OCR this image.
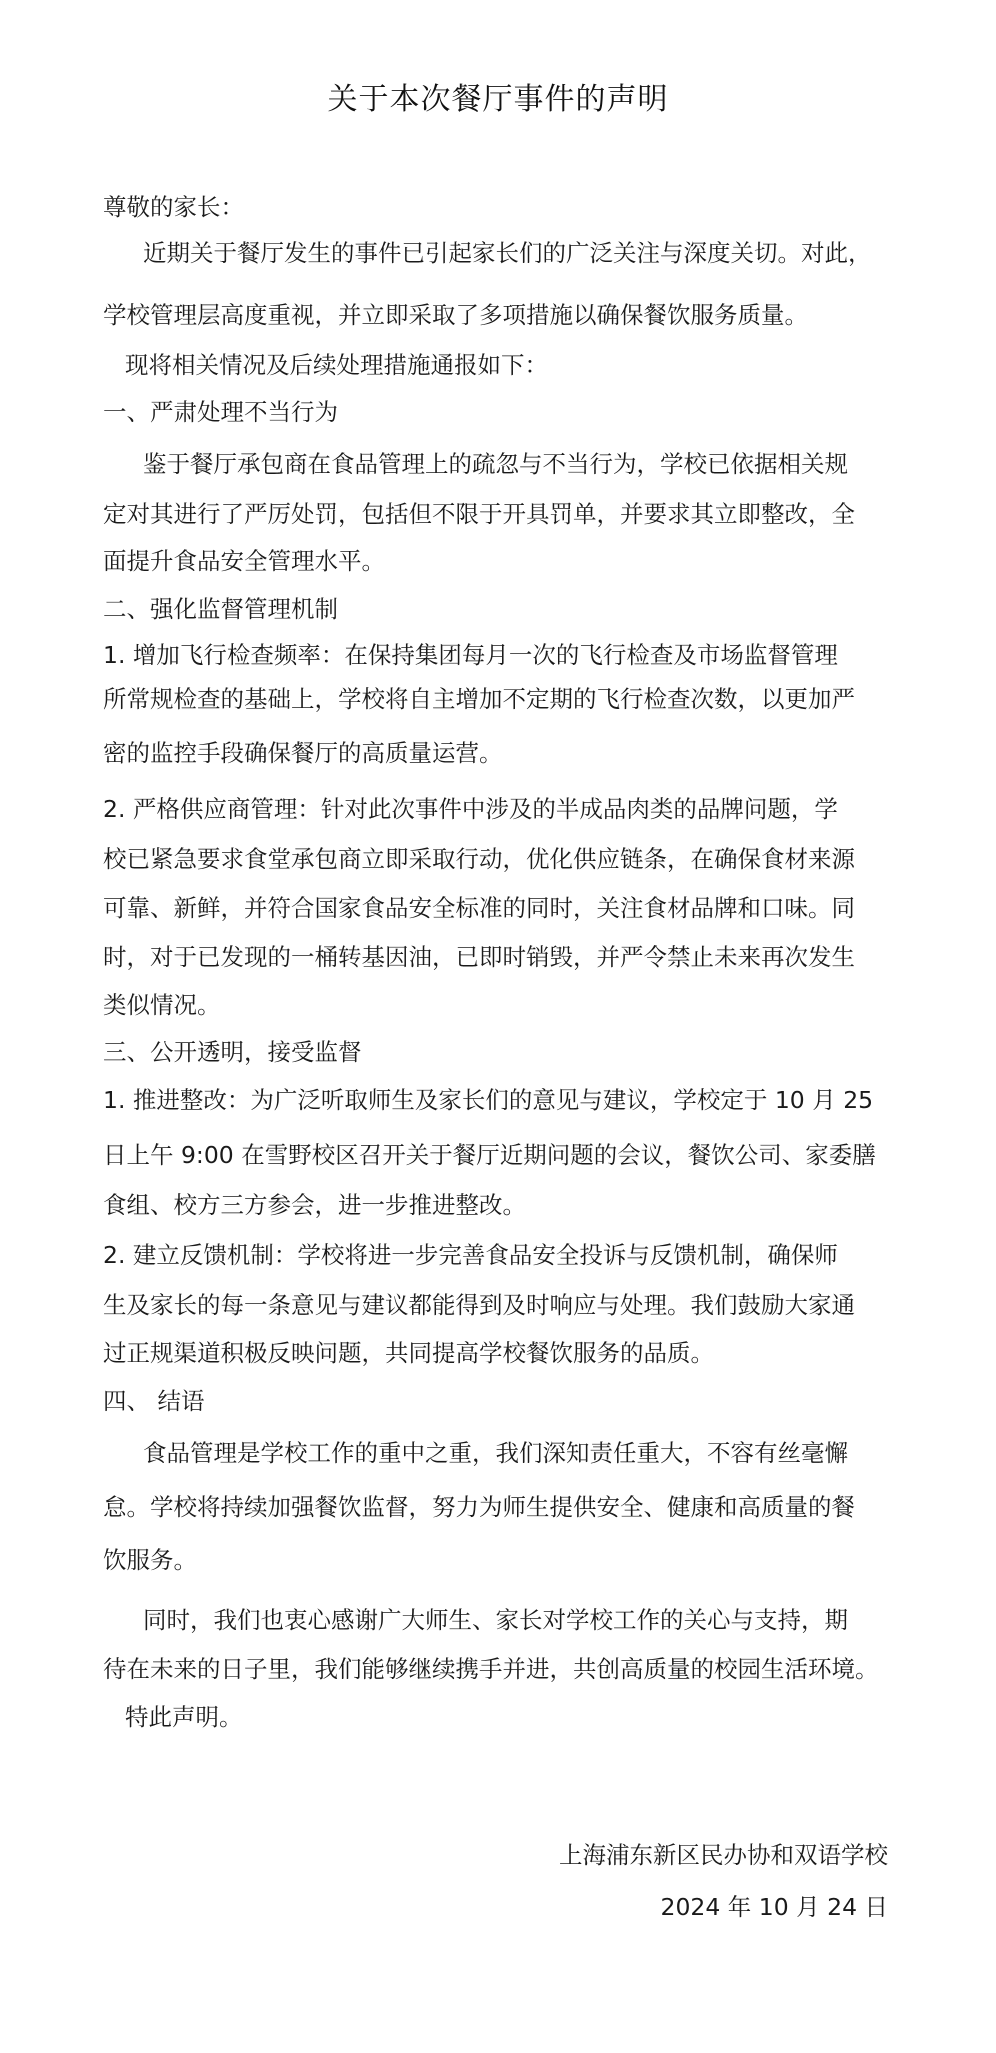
关于本次餐厅事件的声明
尊敬的家长：
近期关于餐厅发生的事件已引起家长们的广泛关注与深度关切。对此，
学校管理层高度重视，并立即采取了多项措施以确保餐饮服务质量。
现将相关情况及后续处理措施通报如下：
一、严肃处理不当行为
鉴于餐厅承包商在食品管理上的疏忽与不当行为，学校已依据相关规
定对其进行了严厉处罚，包括但不限于开具罚单，并要求其立即整改，全
面提升食品安全管理水平。
二、强化监督管理机制
1. 增加飞行检查频率：在保持集团每月一次的飞行检查及市场监督管理
所常规检查的基础上，学校将自主增加不定期的飞行检查次数，以更加严
密的监控手段确保餐厅的高质量运营。
2. 严格供应商管理：针对此次事件中涉及的半成品肉类的品牌问题，学
校已紧急要求食堂承包商立即采取行动，优化供应链条，在确保食材来源
可靠、新鲜，并符合国家食品安全标准的同时，关注食材品牌和口味。同
时，对于已发现的一桶转基因油，已即时销毁，并严令禁止未来再次发生
类似情况。
三、公开透明，接受监督
1. 推进整改：为广泛听取师生及家长们的意见与建议，学校定于 10 月 25
日上午 9:00 在雪野校区召开关于餐厅近期问题的会议，餐饮公司、家委膳
食组、校方三方参会，进一步推进整改。
2. 建立反馈机制：学校将进一步完善食品安全投诉与反馈机制，确保师
生及家长的每一条意见与建议都能得到及时响应与处理。我们鼓励大家通
过正规渠道积极反映问题，共同提高学校餐饮服务的品质。
四、 结语
食品管理是学校工作的重中之重，我们深知责任重大，不容有丝毫懈
怠。学校将持续加强餐饮监督，努力为师生提供安全、健康和高质量的餐
饮服务。
同时，我们也衷心感谢广大师生、家长对学校工作的关心与支持，期
待在未来的日子里，我们能够继续携手并进，共创高质量的校园生活环境。
特此声明。
上海浦东新区民办协和双语学校
2024 年 10 月 24 日
